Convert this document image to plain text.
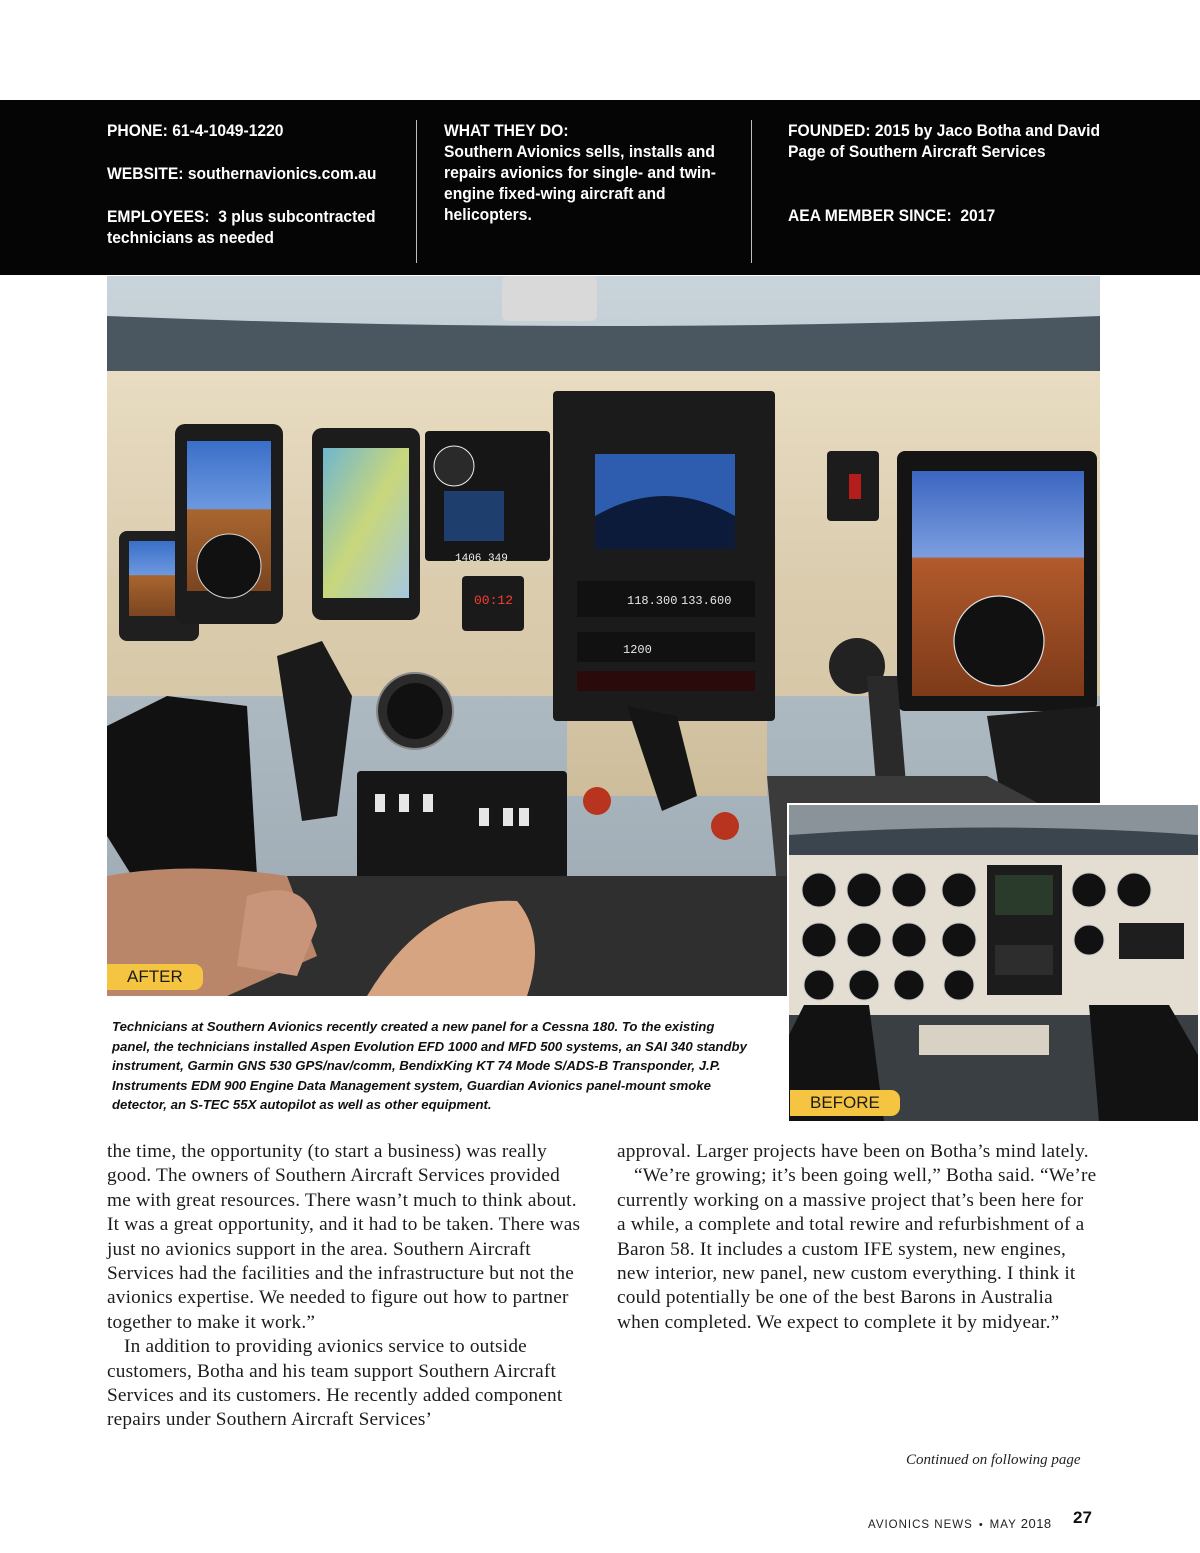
PHONE: 61-4-1049-1220
WEBSITE: southernavionics.com.au
EMPLOYEES: 3 plus subcontracted technicians as needed
WHAT THEY DO:
Southern Avionics sells, installs and repairs avionics for single- and twin-engine fixed-wing aircraft and helicopters.
FOUNDED: 2015 by Jaco Botha and David Page of Southern Aircraft Services
AEA MEMBER SINCE: 2017
1406 349
00:12	118.300 133.600
1200
AFTER
BEFORE
Technicians at Southern Avionics recently created a new panel for a Cessna 180. To the existing panel, the technicians installed Aspen Evolution EFD 1000 and MFD 500 systems, an SAI 340 standby instrument, Garmin GNS 530 GPS/nav/comm, BendixKing KT 74 Mode S/ADS-B Transponder, J.P. Instruments EDM 900 Engine Data Management system, Guardian Avionics panel-mount smoke detector, an S-TEC 55X autopilot as well as other equipment.

the time, the opportunity (to start a business) was really good. The owners of Southern Aircraft Services provided me with great resources. There wasn’t much to think about. It was a great opportunity, and it had to be taken. There was just no avionics support in the area. Southern Aircraft Services had the facilities and the infrastructure but not the avionics expertise. We needed to figure out how to partner together to make it work.”

In addition to providing avionics service to outside customers, Botha and his team support Southern Aircraft Services and its customers. He recently added component repairs under Southern Aircraft Services’

approval. Larger projects have been on Botha’s mind lately.

“We’re growing; it’s been going well,” Botha said. “We’re currently working on a massive project that’s been here for a while, a complete and total rewire and refurbishment of a Baron 58. It includes a custom IFE system, new engines, new interior, new panel, new custom everything. I think it could potentially be one of the best Barons in Australia when completed. We expect to complete it by midyear.”

Continued on following page
AVIONICS NEWS • MAY 2018 27
